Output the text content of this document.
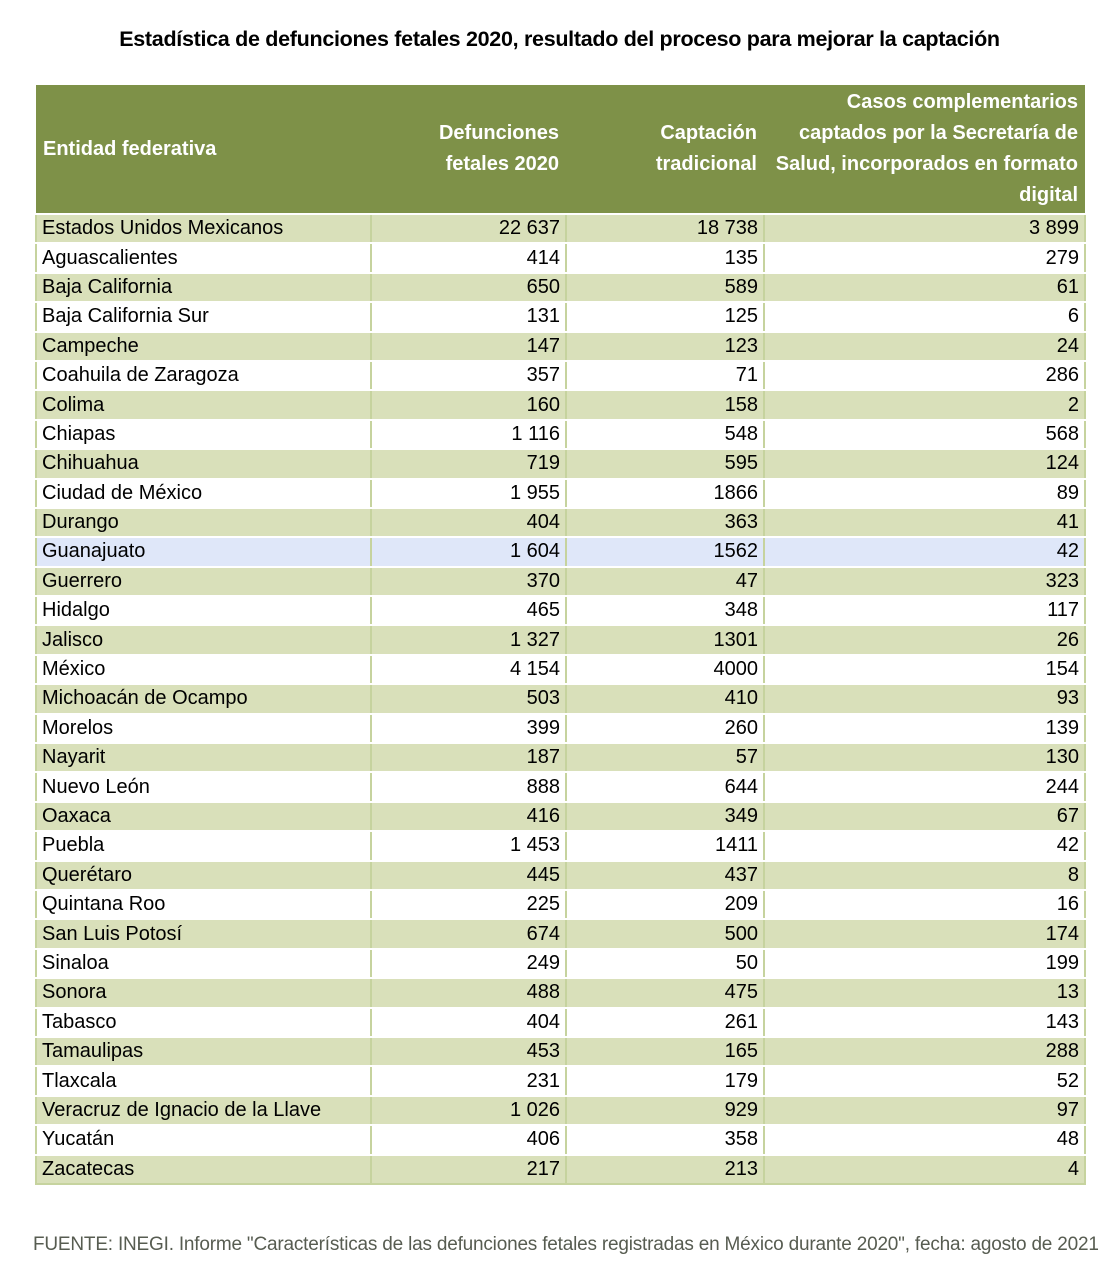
Estadística de defunciones fetales 2020, resultado del proceso para mejorar la captación
Entidad federativa	Defunciones fetales 2020	Captación tradicional	Casos complementarios captados por la Secretaría de Salud, incorporados en formato digital
Estados Unidos Mexicanos	22 637	18 738	3 899
Aguascalientes	414	135	279
Baja California	650	589	61
Baja California Sur	131	125	6
Campeche	147	123	24
Coahuila de Zaragoza	357	71	286
Colima	160	158	2
Chiapas	1 116	548	568
Chihuahua	719	595	124
Ciudad de México	1 955	1866	89
Durango	404	363	41
Guanajuato	1 604	1562	42
Guerrero	370	47	323
Hidalgo	465	348	117
Jalisco	1 327	1301	26
México	4 154	4000	154
Michoacán de Ocampo	503	410	93
Morelos	399	260	139
Nayarit	187	57	130
Nuevo León	888	644	244
Oaxaca	416	349	67
Puebla	1 453	1411	42
Querétaro	445	437	8
Quintana Roo	225	209	16
San Luis Potosí	674	500	174
Sinaloa	249	50	199
Sonora	488	475	13
Tabasco	404	261	143
Tamaulipas	453	165	288
Tlaxcala	231	179	52
Veracruz de Ignacio de la Llave	1 026	929	97
Yucatán	406	358	48
Zacatecas	217	213	4
FUENTE: INEGI. Informe "Características de las defunciones fetales registradas en México durante 2020", fecha: agosto de 2021
